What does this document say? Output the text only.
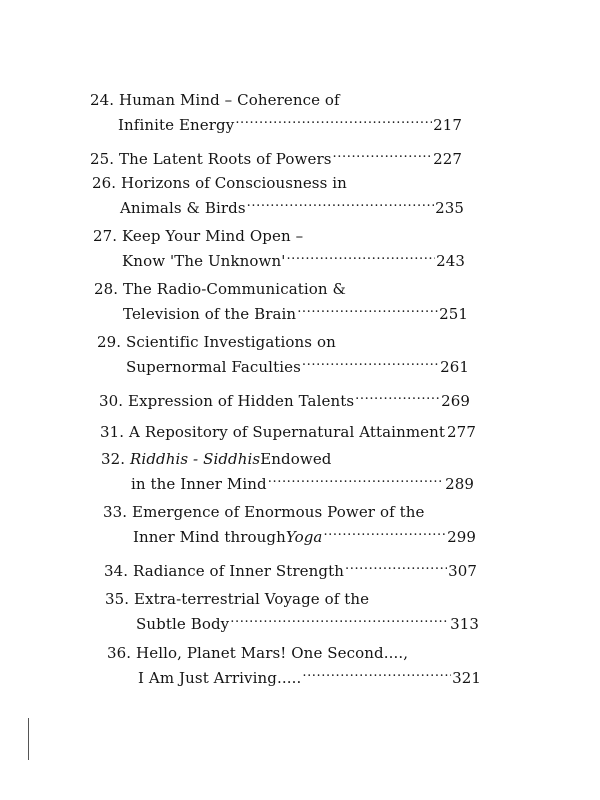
24.
Human Mind – Coherence of
Infinite Energy .....	217
25.
The Latent Roots of Powers .....	227
26.
Horizons of Consciousness in
Animals & Birds .....	235
27.
Keep Your Mind Open –
Know 'The Unknown' .....	243
28.
The Radio-Communication &
Television of the Brain .....	251
29.
Scientific Investigations on
Supernormal Faculties .....	261
30.
Expression of Hidden Talents .....	269
31.
A Repository of Supernatural Attainment 277
32.
Riddhis - Siddhis Endowed
in the Inner Mind .....	289
33.
Emergence of Enormous Power of the
Inner Mind through Yoga .....	299
34.
Radiance of Inner Strength .....	307
35.
Extra-terrestrial Voyage of the
Subtle Body .....	313
36.
Hello, Planet Mars! One Second....,
I Am Just Arriving..... .....	321
